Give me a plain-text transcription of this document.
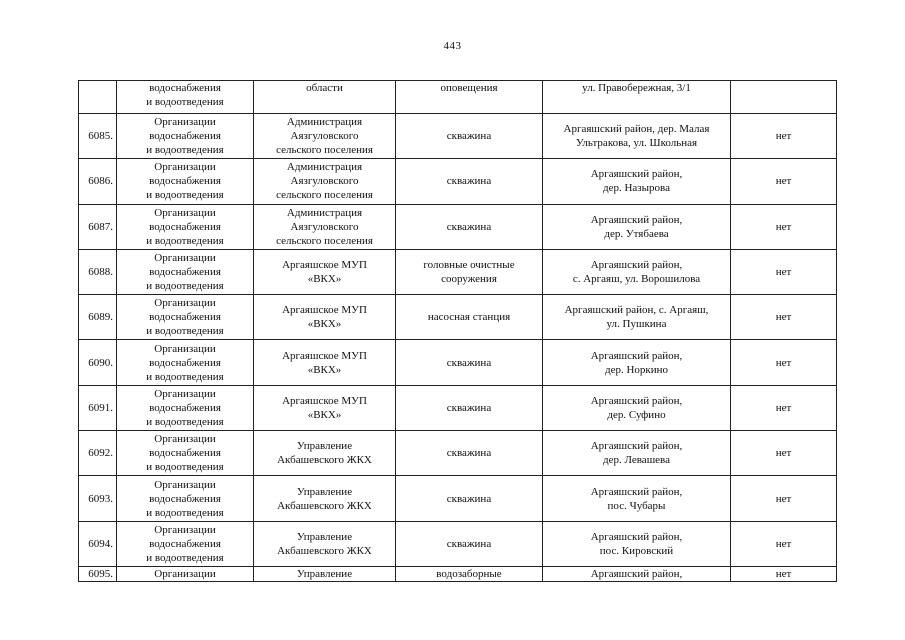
443

	водоснабжения
и водоотведения	области	оповещения	ул. Правобережная, 3/1	

6085.	Организации
водоснабжения
и водоотведения	Администрация
Аязгуловского
сельского поселения	скважина	Аргаяшский район, дер. Малая
Ультракова, ул. Школьная	нет
6086.	Организации
водоснабжения
и водоотведения	Администрация
Аязгуловского
сельского поселения	скважина	Аргаяшский район,
дер. Назырова	нет
6087.	Организации
водоснабжения
и водоотведения	Администрация
Аязгуловского
сельского поселения	скважина	Аргаяшский район,
дер. Утябаева	нет
6088.	Организации
водоснабжения
и водоотведения	Аргаяшское МУП
«ВКХ»	головные очистные
сооружения	Аргаяшский район,
с. Аргаяш, ул. Ворошилова	нет
6089.	Организации
водоснабжения
и водоотведения	Аргаяшское МУП
«ВКХ»	насосная станция	Аргаяшский район, с. Аргаяш,
ул. Пушкина	нет
6090.	Организации
водоснабжения
и водоотведения	Аргаяшское МУП
«ВКХ»	скважина	Аргаяшский район,
дер. Норкино	нет
6091.	Организации
водоснабжения
и водоотведения	Аргаяшское МУП
«ВКХ»	скважина	Аргаяшский район,
дер. Суфино	нет
6092.	Организации
водоснабжения
и водоотведения	Управление
Акбашевского ЖКХ	скважина	Аргаяшский район,
дер. Левашева	нет
6093.	Организации
водоснабжения
и водоотведения	Управление
Акбашевского ЖКХ	скважина	Аргаяшский район,
пос. Чубары	нет
6094.	Организации
водоснабжения
и водоотведения	Управление
Акбашевского ЖКХ	скважина	Аргаяшский район,
пос. Кировский	нет
6095.	Организации	Управление	водозаборные	Аргаяшский район,	нет
